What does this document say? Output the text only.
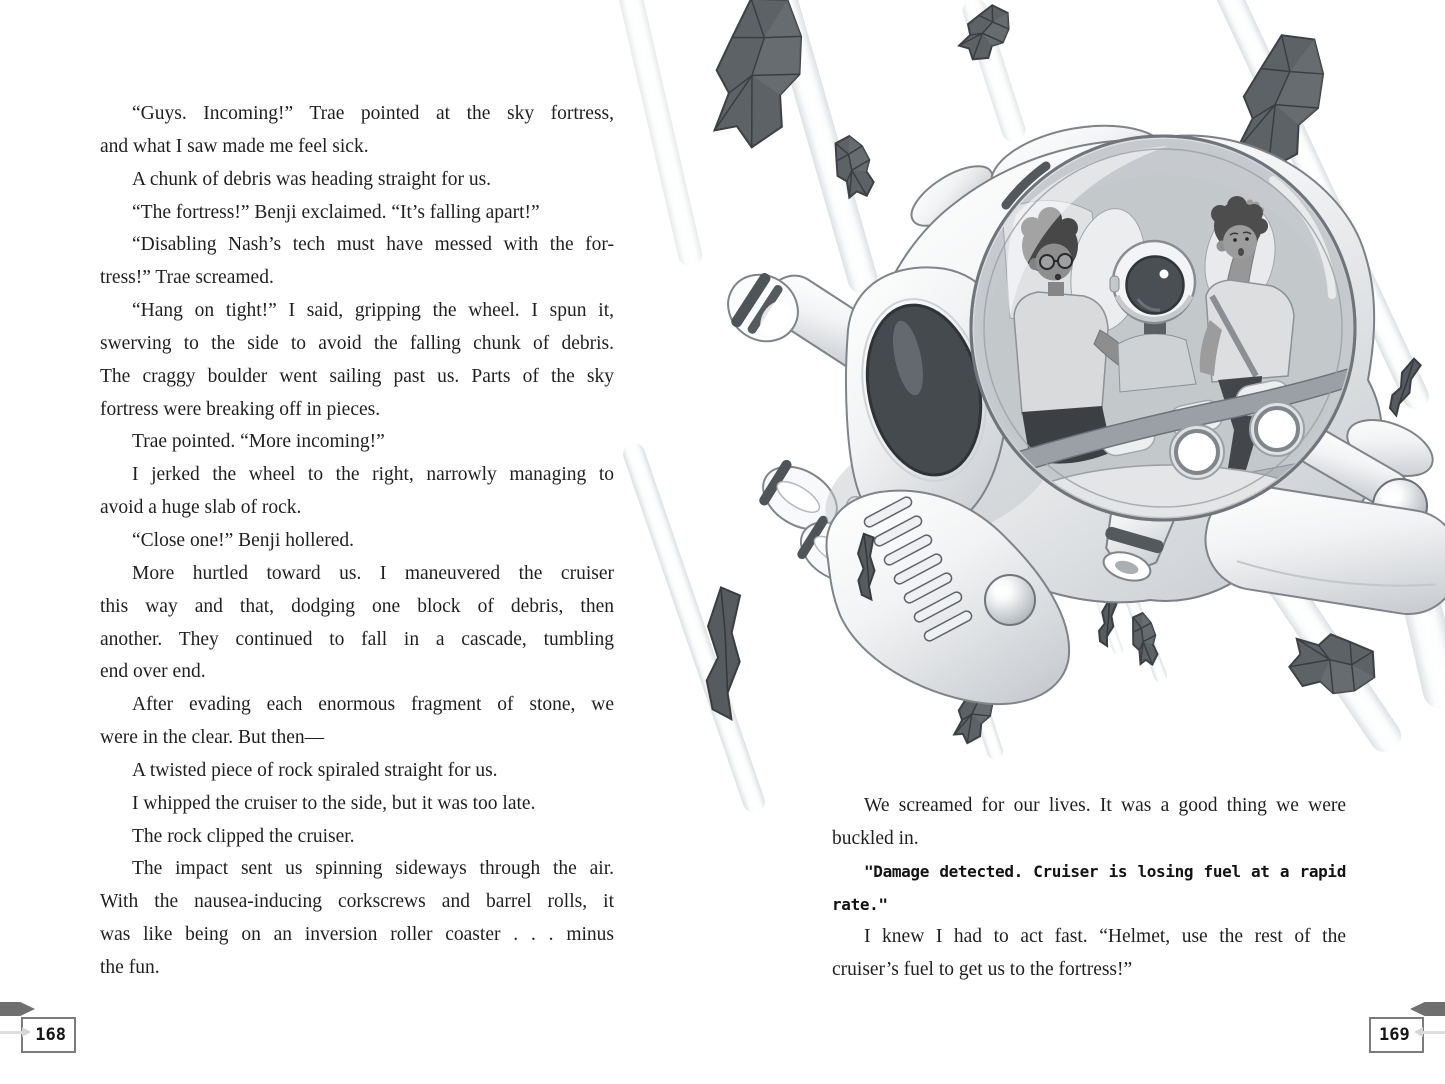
“Guys. Incoming!” Trae pointed at the sky fortress,
and what I saw made me feel sick.
A chunk of debris was heading straight for us.
“The fortress!” Benji exclaimed. “It’s falling apart!”
“Disabling Nash’s tech must have messed with the for-
tress!” Trae screamed.
“Hang on tight!” I said, gripping the wheel. I spun it,
swerving to the side to avoid the falling chunk of debris.
The craggy boulder went sailing past us. Parts of the sky
fortress were breaking off in pieces.
Trae pointed. “More incoming!”
I jerked the wheel to the right, narrowly managing to
avoid a huge slab of rock.
“Close one!” Benji hollered.
More hurtled toward us. I maneuvered the cruiser
this way and that, dodging one block of debris, then
another. They continued to fall in a cascade, tumbling
end over end.
After evading each enormous fragment of stone, we
were in the clear. But then—
A twisted piece of rock spiraled straight for us.
I whipped the cruiser to the side, but it was too late.
The rock clipped the cruiser.
The impact sent us spinning sideways through the air.
With the nausea-inducing corkscrews and barrel rolls, it
was like being on an inversion roller coaster . . . minus
the fun.
We screamed for our lives. It was a good thing we were
buckled in.
"Damage detected. Cruiser is losing fuel at a rapid
rate."
I knew I had to act fast. “Helmet, use the rest of the
cruiser’s fuel to get us to the fortress!”
168	169
